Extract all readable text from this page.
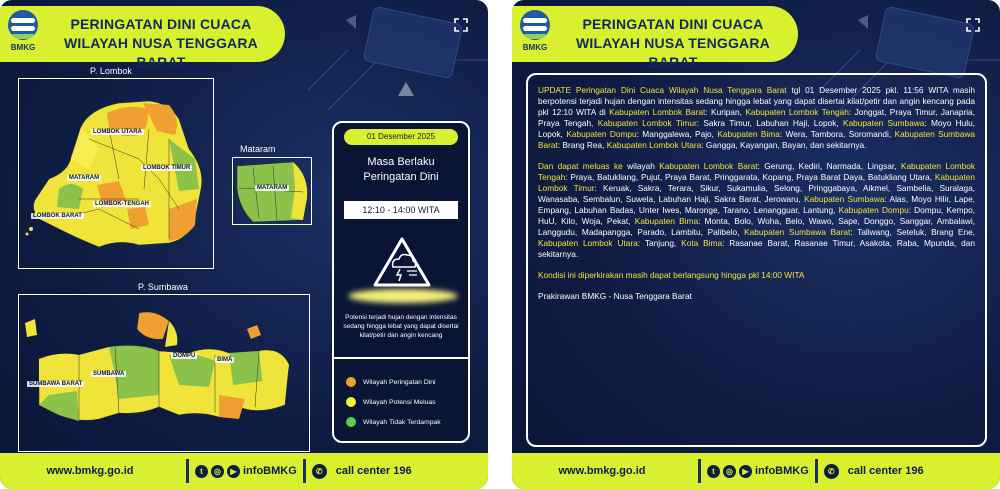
BMKG
PERINGATAN DINI CUACA
WILAYAH NUSA TENGGARA BARAT
P. Lombok
LOMBOK UTARA
LOMBOK TIMUR
MATARAM
LOMBOK-TENGAH
LOMBOK BARAT
Mataram
MATARAM
P. Sumbawa
SUMBAWA
SUMBAWA BARAT
DOMPU
BIMA
01 Desember 2025
Masa Berlaku
Peringatan Dini
12:10 - 14:00 WITA
Potensi terjadi hujan dengan intensitas sedang hingga lebat yang dapat disertai kilat/petir dan angin kencang
Wilayah Peringatan Dini
Wilayah Potensi Meluas
Wilayah Tidak Terdampak
www.bmkg.go.id	t	◎	▶ infoBMKG	✆	call center 196
BMKG
PERINGATAN DINI CUACA
WILAYAH NUSA TENGGARA BARAT

UPDATE Peringatan Dini Cuaca Wilayah Nusa Tenggara Barat tgl 01 Desember 2025 pkl. 11:56 WITA masih berpotensi terjadi hujan dengan intensitas sedang hingga lebat yang dapat disertai kilat/petir dan angin kencang pada pkl 12:10 WITA di Kabupaten Lombok Barat: Kuripan, Kabupaten Lombok Tengah: Jonggat, Praya Timur, Janapria, Praya Tengah, Kabupaten Lombok Timur: Sakra Timur, Labuhan Haji, Lopok, Kabupaten Sumbawa: Moyo Hulu, Lopok, Kabupaten Dompu: Manggalewa, Pajo, Kabupaten Bima: Wera, Tambora, Soromandi, Kabupaten Sumbawa Barat: Brang Rea, Kabupaten Lombok Utara: Gangga, Kayangan, Bayan, dan sekitarnya.

Dan dapat meluas ke wilayah Kabupaten Lombok Barat: Gerung, Kediri, Narmada, Lingsar, Kabupaten Lombok Tengah: Praya, Batukliang, Pujut, Praya Barat, Pringgarata, Kopang, Praya Barat Daya, Batukliang Utara, Kabupaten Lombok Timur: Keruak, Sakra, Terara, Sikur, Sukamulia, Selong, Pringgabaya, Aikmel, Sambelia, Suralaga, Wanasaba, Sembalun, Suwela, Labuhan Haji, Sakra Barat, Jerowaru, Kabupaten Sumbawa: Alas, Moyo Hilir, Lape, Empang, Labuhan Badas, Unter Iwes, Maronge, Tarano, Lenangguar, Lantung, Kabupaten Dompu: Dompu, Kempo, HuU, Kilo, Woja, Pekat, Kabupaten Bima: Monta, Bolo, Woha, Belo, Wawo, Sape, Donggo, Sanggar, Ambalawi, Langgudu, Madapangga, Parado, Lambitu, Palibelo, Kabupaten Sumbawa Barat: Taliwang, Seteluk, Brang Ene, Kabupaten Lombok Utara: Tanjung, Kota Bima: Rasanae Barat, Rasanae Timur, Asakota, Raba, Mpunda, dan sekitarnya.

Kondisi ini diperkirakan masih dapat berlangsung hingga pkl 14:00 WITA

Prakirawan BMKG - Nusa Tenggara Barat

www.bmkg.go.id	t	◎	▶ infoBMKG	✆	call center 196
